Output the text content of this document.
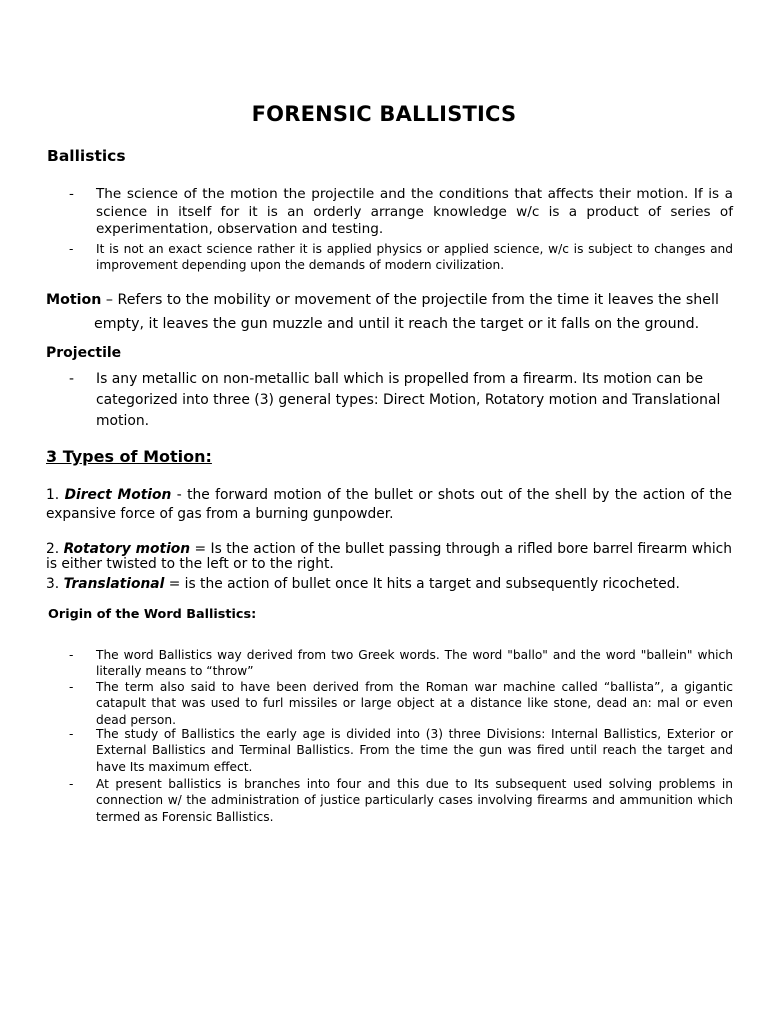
FORENSIC BALLISTICS
Ballistics
- The science of the motion the projectile and the conditions that affects their motion. If is a science in itself for it is an orderly arrange knowledge w/c is a product of series of experimentation, observation and testing.
- It is not an exact science rather it is applied physics or applied science, w/c is subject to changes and improvement depending upon the demands of modern civilization.
Motion – Refers to the mobility or movement of the projectile from the time it leaves the shell
empty, it leaves the gun muzzle and until it reach the target or it falls on the ground.
Projectile
- Is any metallic on non-metallic ball which is propelled from a firearm. Its motion can be categorized into three (3) general types: Direct Motion, Rotatory motion and Translational motion.
3 Types of Motion:
1. Direct Motion - the forward motion of the bullet or shots out of the shell by the action of the expansive force of gas from a burning gunpowder.
2. Rotatory motion = Is the action of the bullet passing through a rifled bore barrel firearm which is either twisted to the left or to the right.
3. Translational = is the action of bullet once It hits a target and subsequently ricocheted.
Origin of the Word Ballistics:
- The word Ballistics way derived from two Greek words. The word "ballo" and the word "ballein" which literally means to “throw”
- The term also said to have been derived from the Roman war machine called “ballista”, a gigantic catapult that was used to furl missiles or large object at a distance like stone, dead an: mal or even dead person.
- The study of Ballistics the early age is divided into (3) three Divisions: Internal Ballistics, Exterior or External Ballistics and Terminal Ballistics. From the time the gun was fired until reach the target and have Its maximum effect.
- At present ballistics is branches into four and this due to Its subsequent used solving problems in connection w/ the administration of justice particularly cases involving firearms and ammunition which termed as Forensic Ballistics.
